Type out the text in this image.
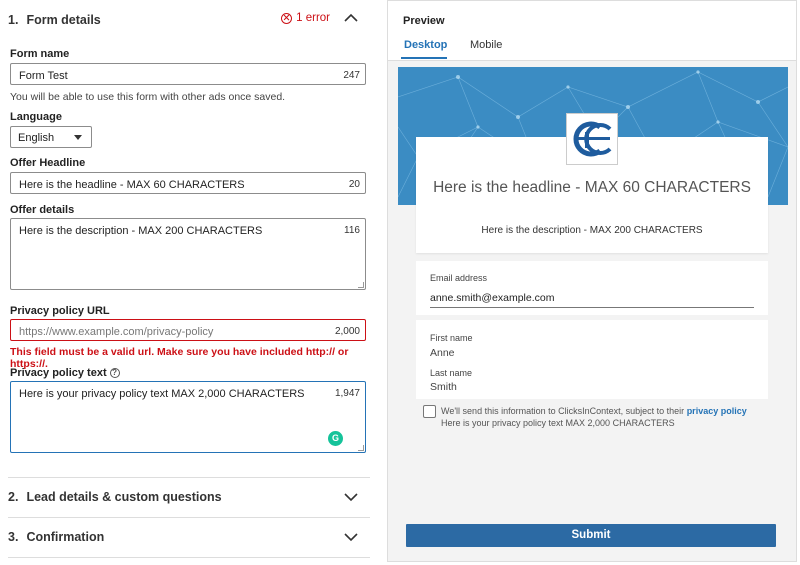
1. Form details	1 error
Form name
Form Test	247
You will be able to use this form with other ads once saved.
Language
English
Offer Headline
Here is the headline - MAX 60 CHARACTERS	20
Offer details
Here is the description - MAX 200 CHARACTERS	116
Privacy policy URL
https://www.example.com/privacy-policy	2,000
This field must be a valid url. Make sure you have included http:// or https://.
Privacy policy text ?
Here is your privacy policy text MAX 2,000 CHARACTERS	1,947
G
2. Lead details & custom questions
3. Confirmation
Preview
Desktop Mobile
Here is the headline - MAX 60 CHARACTERS
Here is the description - MAX 200 CHARACTERS
Email address
anne.smith@example.com
First name
Anne
Last name
Smith
We'll send this information to ClicksInContext, subject to their privacy policy
Here is your privacy policy text MAX 2,000 CHARACTERS
Submit
